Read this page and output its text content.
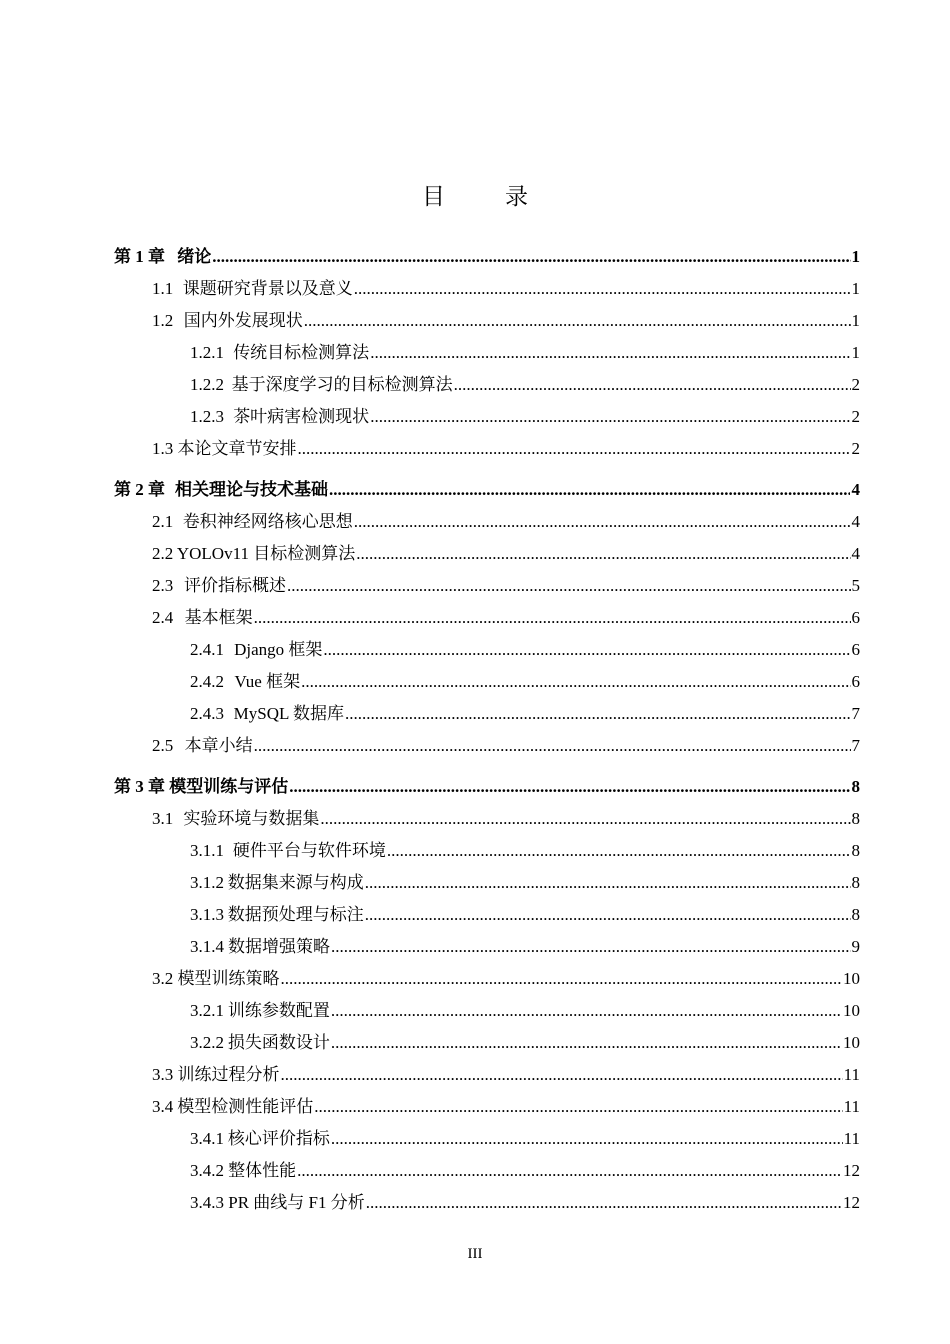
目	录
第 1 章 绪论 .....	1
1.1 课题研究背景以及意义 .....	1
1.2 国内外发展现状 .....	1
1.2.1 传统目标检测算法 .....	1
1.2.2 基于深度学习的目标检测算法 .....	2
1.2.3 茶叶病害检测现状 .....	2
1.3 本论文章节安排 .....	2
第 2 章 相关理论与技术基础 .....	4
2.1 卷积神经网络核心思想 .....	4
2.2 YOLOv11 目标检测算法 .....	4
2.3 评价指标概述 .....	5
2.4 基本框架 .....	6
2.4.1 Django 框架 .....	6
2.4.2 Vue 框架 .....	6
2.4.3 MySQL 数据库 .....	7
2.5 本章小结 .....	7
第 3 章 模型训练与评估 .....	8
3.1 实验环境与数据集 .....	8
3.1.1 硬件平台与软件环境 .....	8
3.1.2 数据集来源与构成 .....	8
3.1.3 数据预处理与标注 .....	8
3.1.4 数据增强策略 .....	9
3.2 模型训练策略 .....	10
3.2.1 训练参数配置 .....	10
3.2.2 损失函数设计 .....	10
3.3 训练过程分析 .....	11
3.4 模型检测性能评估 .....	11
3.4.1 核心评价指标 .....	11
3.4.2 整体性能 .....	12
3.4.3 PR 曲线与 F1 分析 .....	12
III
